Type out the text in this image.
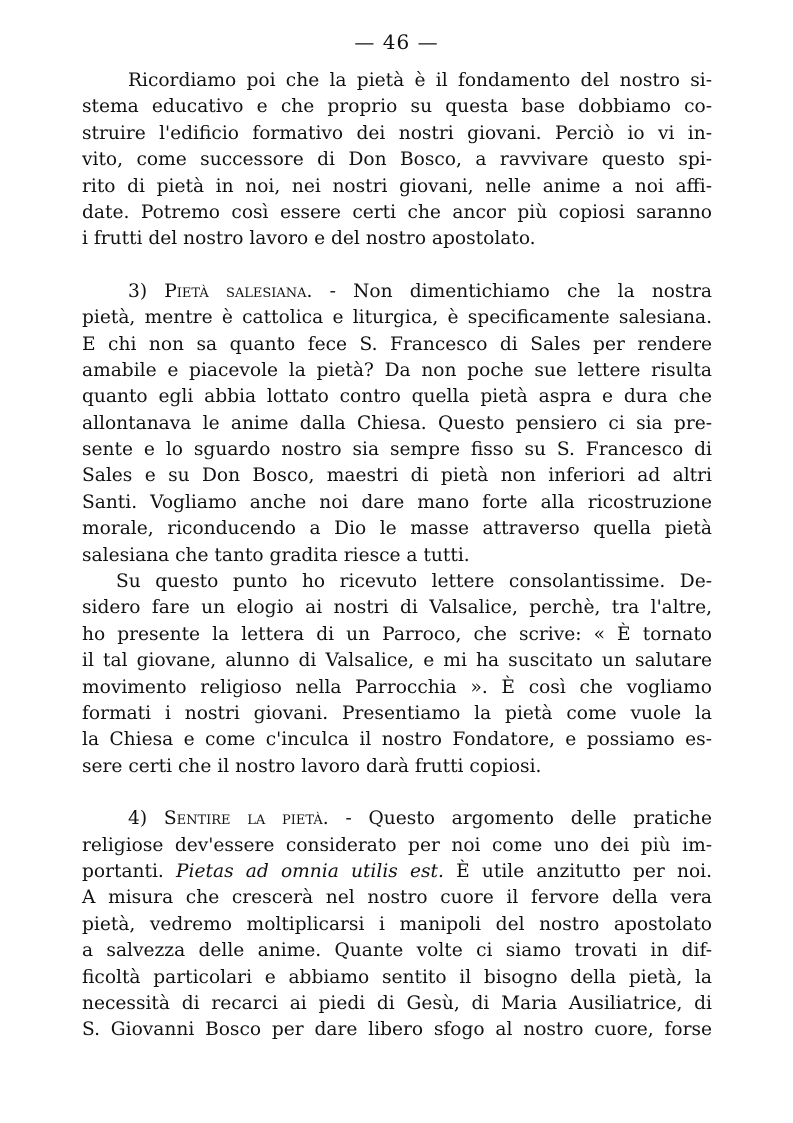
— 46 —
Ricordiamo poi che la pietà è il fondamento del nostro si-
stema educativo e che proprio su questa base dobbiamo co-
struire l'edificio formativo dei nostri giovani. Perciò io vi in-
vito, come successore di Don Bosco, a ravvivare questo spi-
rito di pietà in noi, nei nostri giovani, nelle anime a noi affi-
date. Potremo così essere certi che ancor più copiosi saranno
i frutti del nostro lavoro e del nostro apostolato.
3) Pietà salesiana. - Non dimentichiamo che la nostra
pietà, mentre è cattolica e liturgica, è specificamente salesiana.
E chi non sa quanto fece S. Francesco di Sales per rendere
amabile e piacevole la pietà? Da non poche sue lettere risulta
quanto egli abbia lottato contro quella pietà aspra e dura che
allontanava le anime dalla Chiesa. Questo pensiero ci sia pre-
sente e lo sguardo nostro sia sempre fisso su S. Francesco di
Sales e su Don Bosco, maestri di pietà non inferiori ad altri
Santi. Vogliamo anche noi dare mano forte alla ricostruzione
morale, riconducendo a Dio le masse attraverso quella pietà
salesiana che tanto gradita riesce a tutti.
Su questo punto ho ricevuto lettere consolantissime. De-
sidero fare un elogio ai nostri di Valsalice, perchè, tra l'altre,
ho presente la lettera di un Parroco, che scrive: « È tornato
il tal giovane, alunno di Valsalice, e mi ha suscitato un salutare
movimento religioso nella Parrocchia ». È così che vogliamo
formati i nostri giovani. Presentiamo la pietà come vuole la
la Chiesa e come c'inculca il nostro Fondatore, e possiamo es-
sere certi che il nostro lavoro darà frutti copiosi.
4) Sentire la pietà. - Questo argomento delle pratiche
religiose dev'essere considerato per noi come uno dei più im-
portanti. Pietas ad omnia utilis est. È utile anzitutto per noi.
A misura che crescerà nel nostro cuore il fervore della vera
pietà, vedremo moltiplicarsi i manipoli del nostro apostolato
a salvezza delle anime. Quante volte ci siamo trovati in dif-
ficoltà particolari e abbiamo sentito il bisogno della pietà, la
necessità di recarci ai piedi di Gesù, di Maria Ausiliatrice, di
S. Giovanni Bosco per dare libero sfogo al nostro cuore, forse
